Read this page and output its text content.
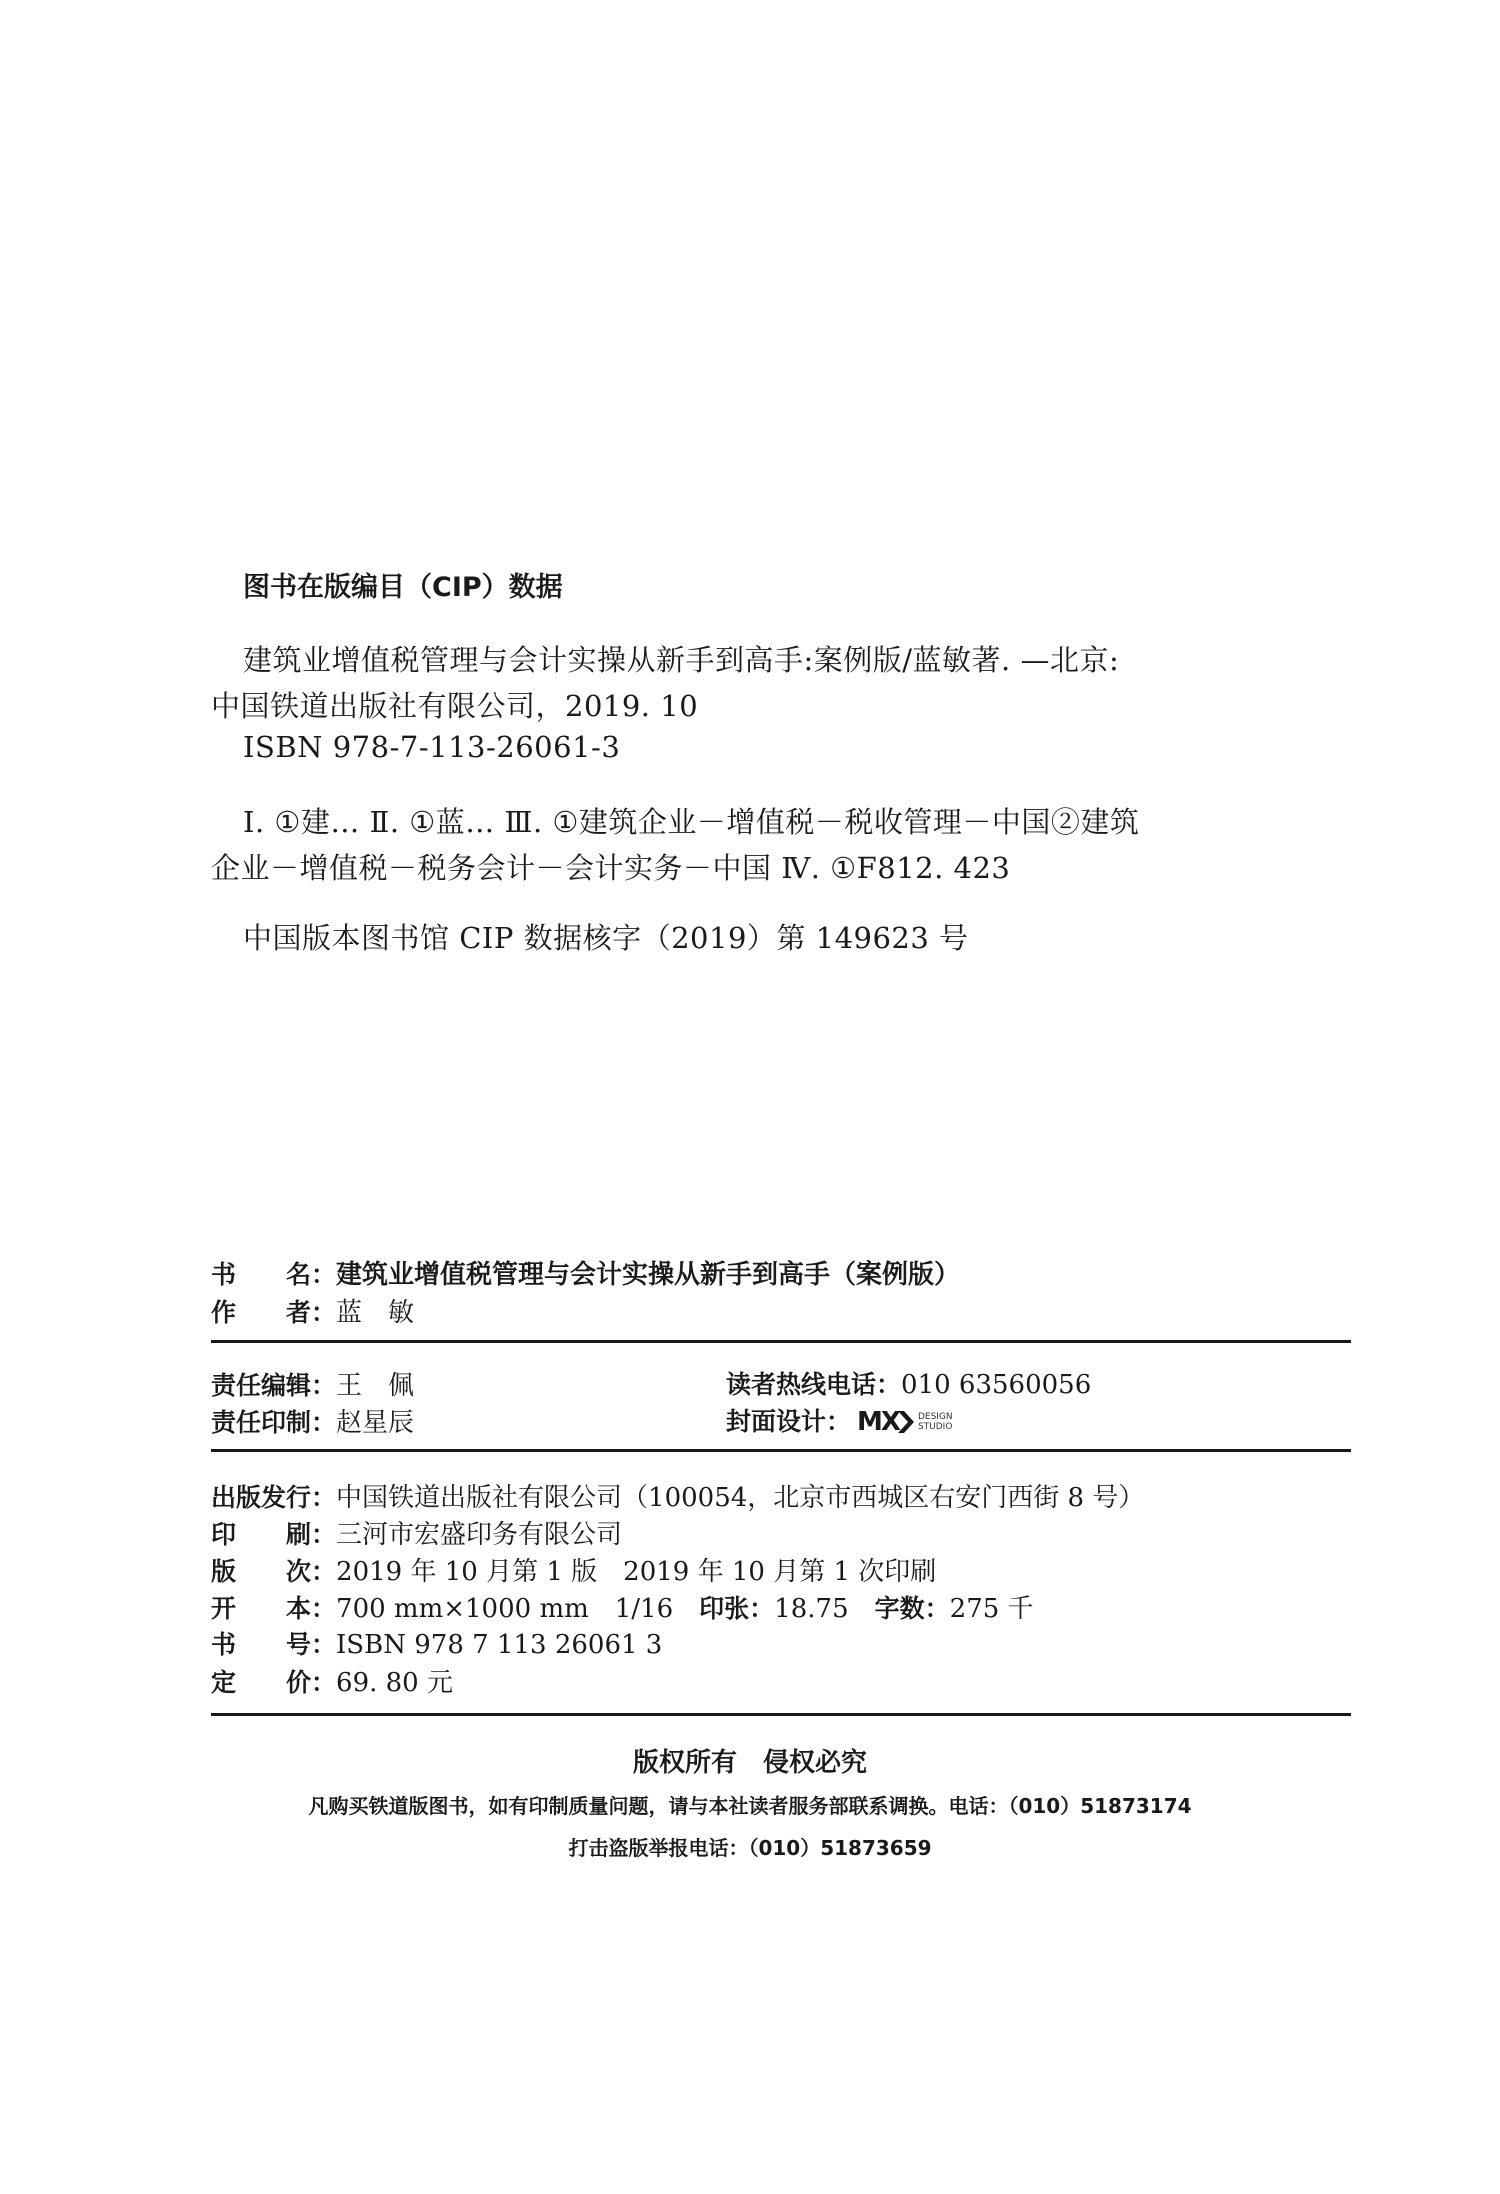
图书在版编目（CIP）数据
建筑业增值税管理与会计实操从新手到高手:案例版/蓝敏著. —北京:
中国铁道出版社有限公司，2019. 10
ISBN 978-7-113-26061-3
Ⅰ. ①建… Ⅱ. ①蓝… Ⅲ. ①建筑企业－增值税－税收管理－中国②建筑
企业－增值税－税务会计－会计实务－中国 Ⅳ. ①F812. 423
中国版本图书馆 CIP 数据核字（2019）第 149623 号
书　　名 ： 建筑业增值税管理与会计实操从新手到高手（案例版）
作　　者 ： 蓝　敏
责任编辑 ： 王　佩	读者热线电话 ： 010 63560056
责任印制 ： 赵星辰	封面设计 ： MX DESIGN
STUDIO
出版发行 ： 中国铁道出版社有限公司（100054，北京市西城区右安门西街 8 号）
印　　刷 ： 三河市宏盛印务有限公司
版　　次 ： 2019 年 10 月第 1 版　2019 年 10 月第 1 次印刷
开　　本 ： 700 mm×1000 mm　1/16　 印张 ： 18.75　 字数 ： 275 千
书　　号 ： ISBN 978 7 113 26061 3
定　　价 ： 69. 80 元
版权所有　侵权必究
凡购买铁道版图书，如有印制质量问题，请与本社读者服务部联系调换。电话：（010）51873174
打击盗版举报电话：（010）51873659
